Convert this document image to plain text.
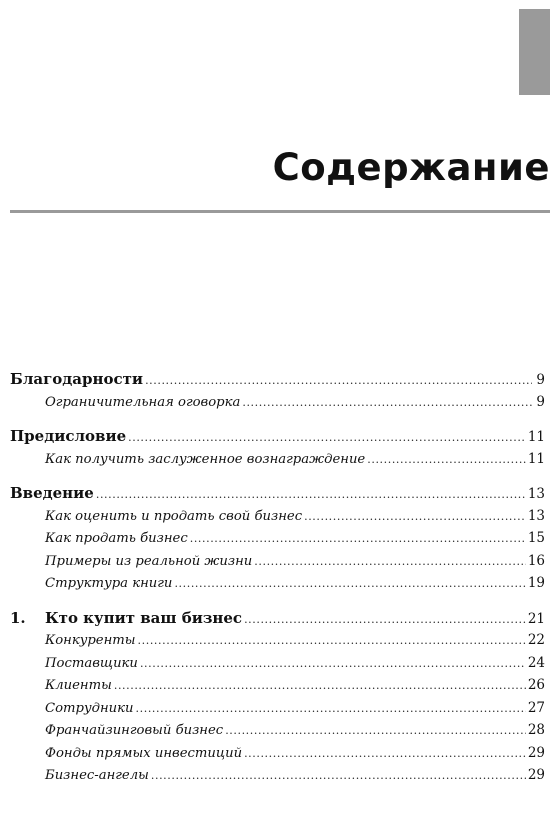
Содержание
Благодарности .....	9
Ограничительная оговорка .....	9
Предисловие .....	11
Как получить заслуженное вознаграждение .....	11
Введение .....	13
Как оценить и продать свой бизнес .....	13
Как продать бизнес .....	15
Примеры из реальной жизни .....	16
Структура книги .....	19
1.	Кто купит ваш бизнес .....	21
Конкуренты .....	22
Поставщики .....	24
Клиенты .....	26
Сотрудники .....	27
Франчайзинговый бизнес .....	28
Фонды прямых инвестиций .....	29
Бизнес-ангелы .....	29
